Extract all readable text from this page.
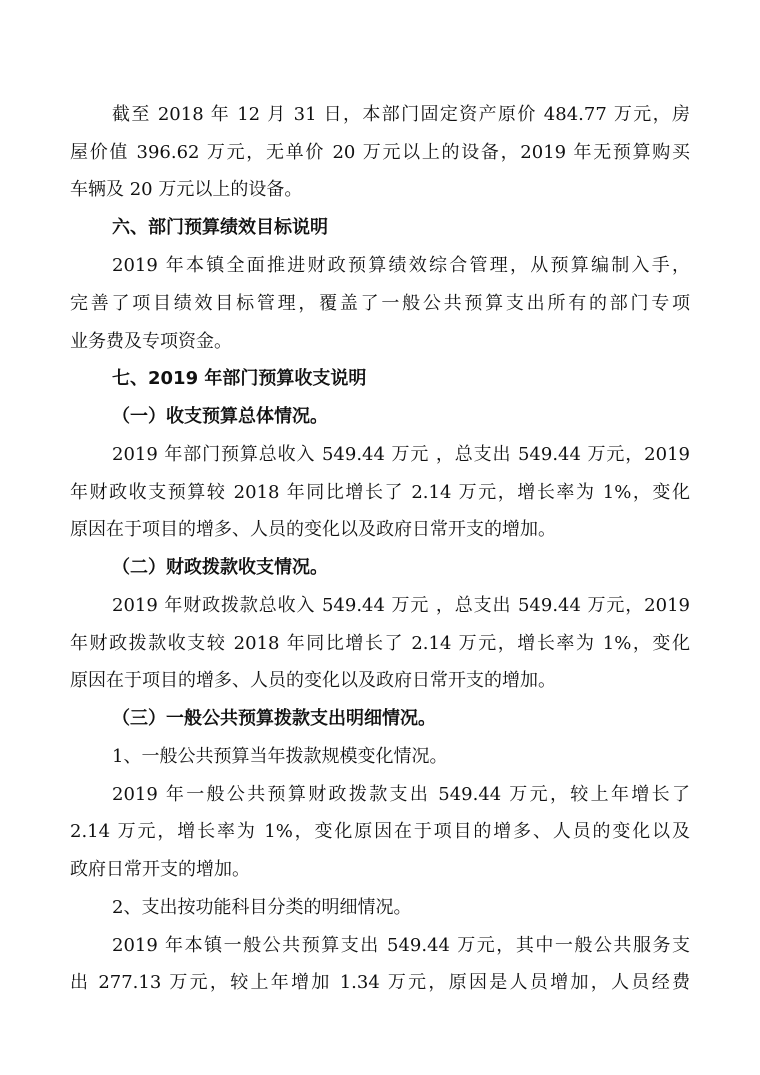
截至 2018 年 12 月 31 日，本部门固定资产原价 484.77 万元，房
屋价值 396.62 万元，无单价 20 万元以上的设备，2019 年无预算购买
车辆及 20 万元以上的设备。
六、部门预算绩效目标说明
2019 年本镇全面推进财政预算绩效综合管理，从预算编制入手，
完善了项目绩效目标管理，覆盖了一般公共预算支出所有的部门专项
业务费及专项资金。
七、2019 年部门预算收支说明
（一）收支预算总体情况。
2019 年部门预算总收入 549.44 万元 ，总支出 549.44 万元，2019
年财政收支预算较 2018 年同比增长了 2.14 万元，增长率为 1%，变化
原因在于项目的增多、人员的变化以及政府日常开支的增加。
（二）财政拨款收支情况。
2019 年财政拨款总收入 549.44 万元 ，总支出 549.44 万元，2019
年财政拨款收支较 2018 年同比增长了 2.14 万元，增长率为 1%，变化
原因在于项目的增多、人员的变化以及政府日常开支的增加。
（三）一般公共预算拨款支出明细情况。
1、一般公共预算当年拨款规模变化情况。
2019 年一般公共预算财政拨款支出 549.44 万元，较上年增长了
2.14 万元，增长率为 1%，变化原因在于项目的增多、人员的变化以及
政府日常开支的增加。
2、支出按功能科目分类的明细情况。
2019 年本镇一般公共预算支出 549.44 万元，其中一般公共服务支
出 277.13 万元，较上年增加 1.34 万元，原因是人员增加，人员经费
